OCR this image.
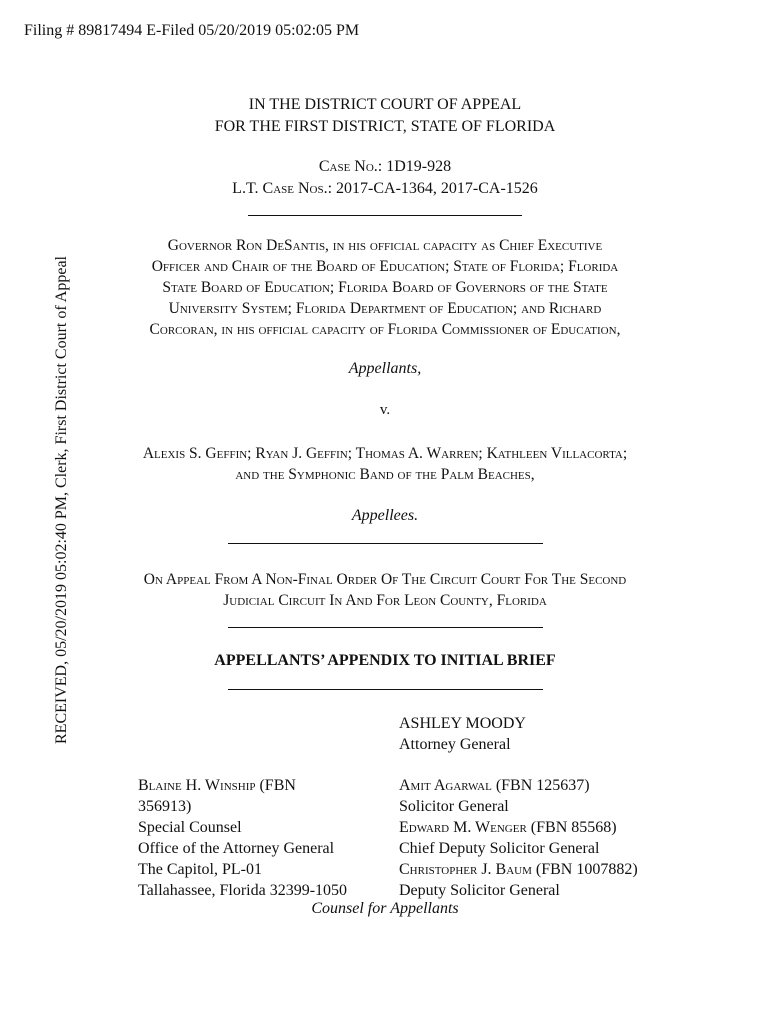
Filing # 89817494 E-Filed 05/20/2019 05:02:05 PM
RECEIVED, 05/20/2019 05:02:40 PM, Clerk, First District Court of Appeal
IN THE DISTRICT COURT OF APPEAL
FOR THE FIRST DISTRICT, STATE OF FLORIDA
Case No.: 1D19-928
L.T. Case Nos.: 2017-CA-1364, 2017-CA-1526
Governor Ron DeSantis, in his official capacity as Chief Executive
Officer and Chair of the Board of Education; State of Florida; Florida
State Board of Education; Florida Board of Governors of the State
University System; Florida Department of Education; and Richard
Corcoran, in his official capacity of Florida Commissioner of Education,
Appellants,
v.
Alexis S. Geffin; Ryan J. Geffin; Thomas A. Warren; Kathleen Villacorta;
and the Symphonic Band of the Palm Beaches,
Appellees.
On Appeal From A Non-Final Order Of The Circuit Court For The Second
Judicial Circuit In And For Leon County, Florida
APPELLANTS’ APPENDIX TO INITIAL BRIEF
ASHLEY MOODY
Attorney General
Blaine H. Winship (FBN
356913)
Special Counsel
Office of the Attorney General
The Capitol, PL-01
Tallahassee, Florida 32399-1050
Amit Agarwal (FBN 125637)
Solicitor General
Edward M. Wenger (FBN 85568)
Chief Deputy Solicitor General
Christopher J. Baum (FBN 1007882)
Deputy Solicitor General
Counsel for Appellants
